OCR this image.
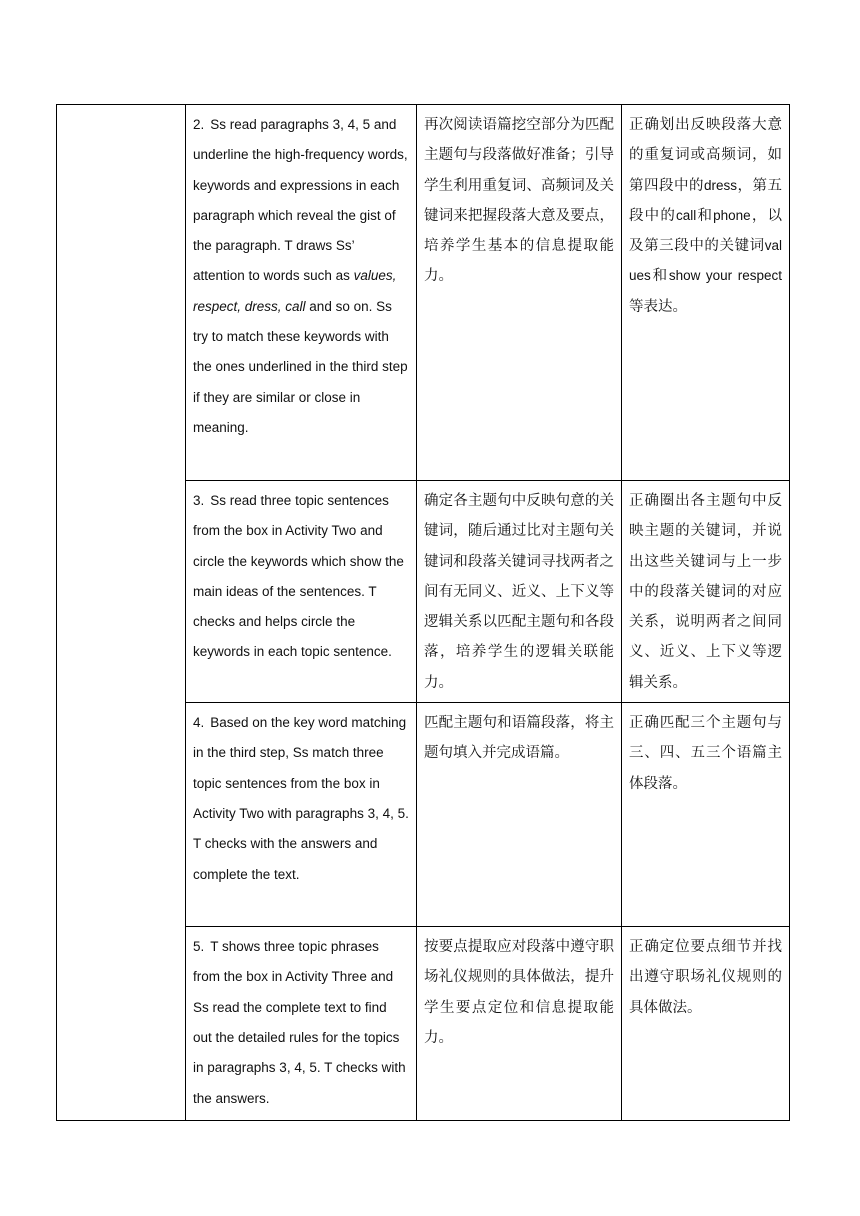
	2. Ss read paragraphs 3, 4, 5 and underline the high-frequency words, keywords and expressions in each paragraph which reveal the gist of the paragraph. T draws Ss’ attention to words such as values, respect, dress, call and so on. Ss try to match these keywords with the ones underlined in the third step if they are similar or close in meaning.	再次阅读语篇挖空部分为匹配主题句与段落做好准备；引导学生利用重复词、高频词及关键词来把握段落大意及要点，培养学生基本的信息提取能力。	正确划出反映段落大意的重复词或高频词，如第四段中的dress，第五段中的call和phone，以及第三段中的关键词values和show your respect等表达。
	3. Ss read three topic sentences from the box in Activity Two and circle the keywords which show the main ideas of the sentences. T checks and helps circle the keywords in each topic sentence.	确定各主题句中反映句意的关键词，随后通过比对主题句关键词和段落关键词寻找两者之间有无同义、近义、上下义等逻辑关系以匹配主题句和各段落，培养学生的逻辑关联能力。	正确圈出各主题句中反映主题的关键词，并说出这些关键词与上一步中的段落关键词的对应关系，说明两者之间同义、近义、上下义等逻辑关系。
	4. Based on the key word matching in the third step, Ss match three topic sentences from the box in Activity Two with paragraphs 3, 4, 5. T checks with the answers and complete the text.	匹配主题句和语篇段落，将主题句填入并完成语篇。	正确匹配三个主题句与三、四、五三个语篇主体段落。
	5. T shows three topic phrases from the box in Activity Three and Ss read the complete text to find out the detailed rules for the topics in paragraphs 3, 4, 5. T checks with the answers.	按要点提取应对段落中遵守职场礼仪规则的具体做法，提升学生要点定位和信息提取能力。	正确定位要点细节并找出遵守职场礼仪规则的具体做法。
